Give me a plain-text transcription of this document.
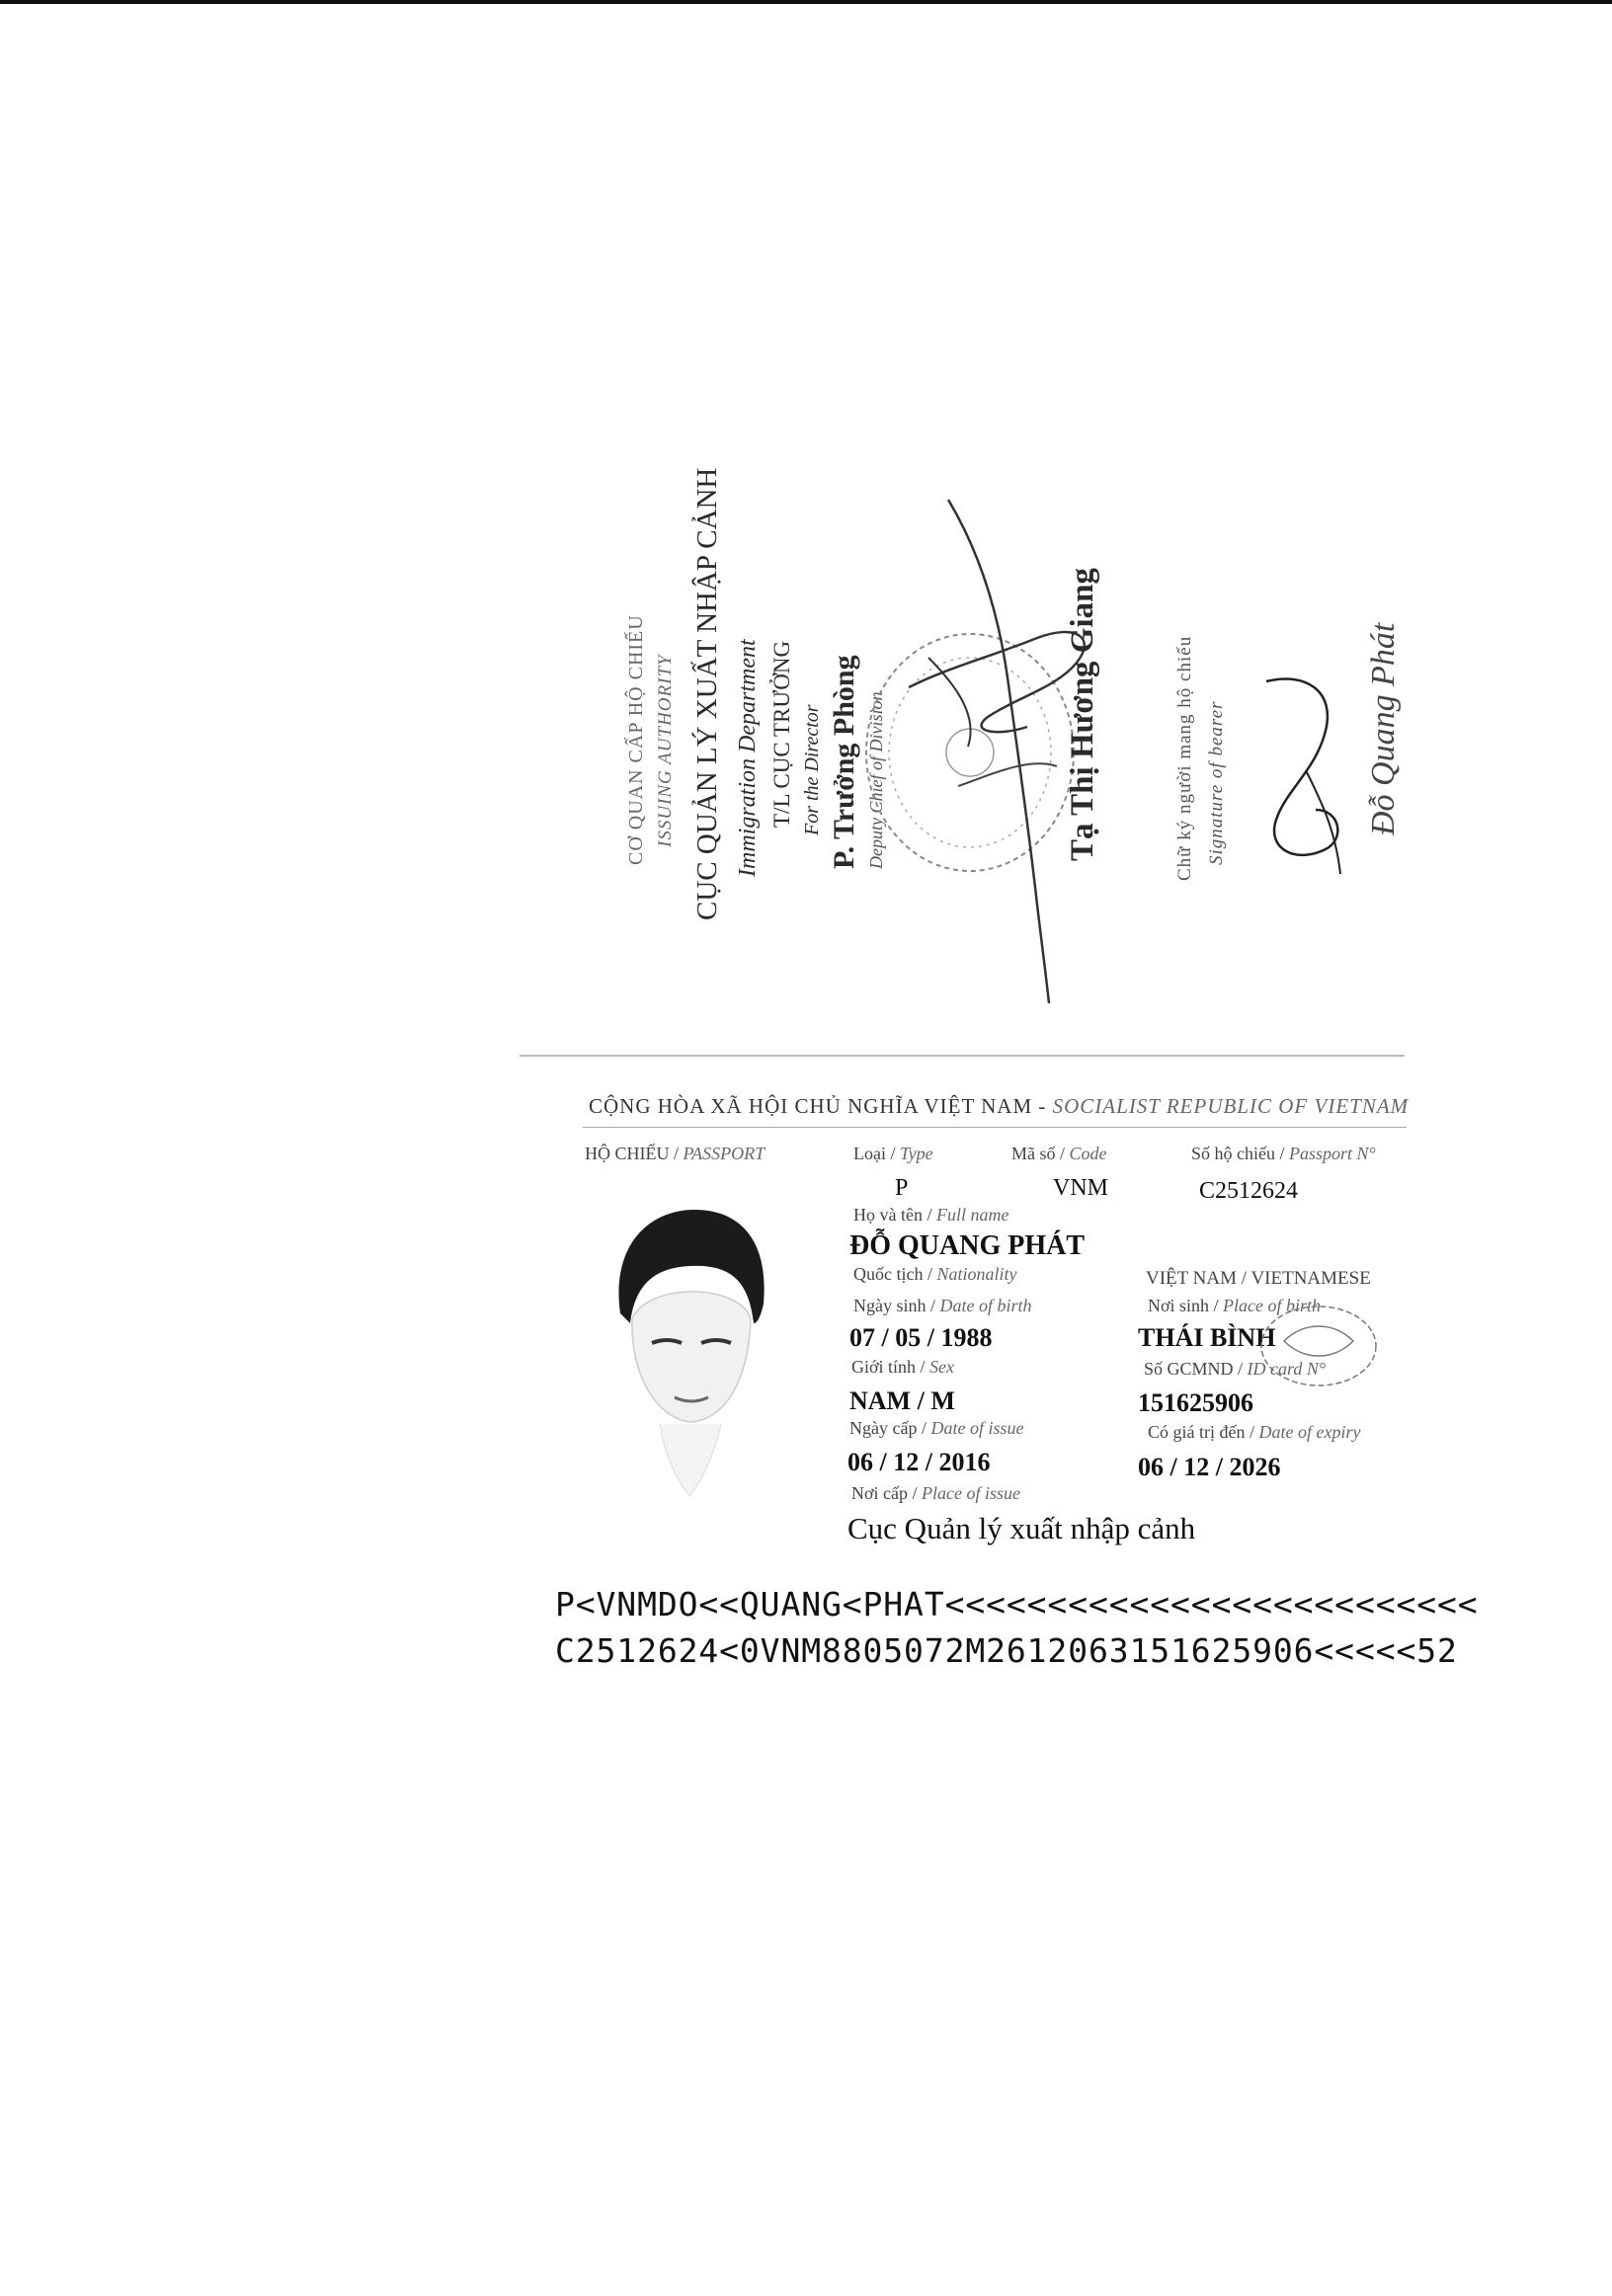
CƠ QUAN CẤP HỘ CHIẾU ISSUING AUTHORITY CỤC QUẢN LÝ XUẤT NHẬP CẢNH Immigration Department T/L CỤC TRƯỞNG For the Director P. Trưởng Phòng Deputy Chief of Division	Tạ Thị Hương Giang	Chữ ký người mang hộ chiếu Signature of bearer	Đỗ Quang Phát
CỘNG HÒA XÃ HỘI CHỦ NGHĨA VIỆT NAM - SOCIALIST REPUBLIC OF VIETNAM
HỘ CHIẾU / PASSPORT	Loại / Type
P
Mã số / Code
VNM
Số hộ chiếu / Passport N°
C2512624
Họ và tên / Full name
ĐỖ QUANG PHÁT
Quốc tịch / Nationality	VIỆT NAM / VIETNAMESE
Ngày sinh / Date of birth	Nơi sinh / Place of birth
07 / 05 / 1988	THÁI BÌNH
Giới tính / Sex	Số GCMND / ID card N°
NAM / M	151625906
Ngày cấp / Date of issue	Có giá trị đến / Date of expiry
06 / 12 / 2016	06 / 12 / 2026
Nơi cấp / Place of issue
Cục Quản lý xuất nhập cảnh
P<VNMDO<<QUANG<PHAT<<<<<<<<<<<<<<<<<<<<<<<<<<
C2512624<0VNM8805072M2612063151625906<<<<<52
